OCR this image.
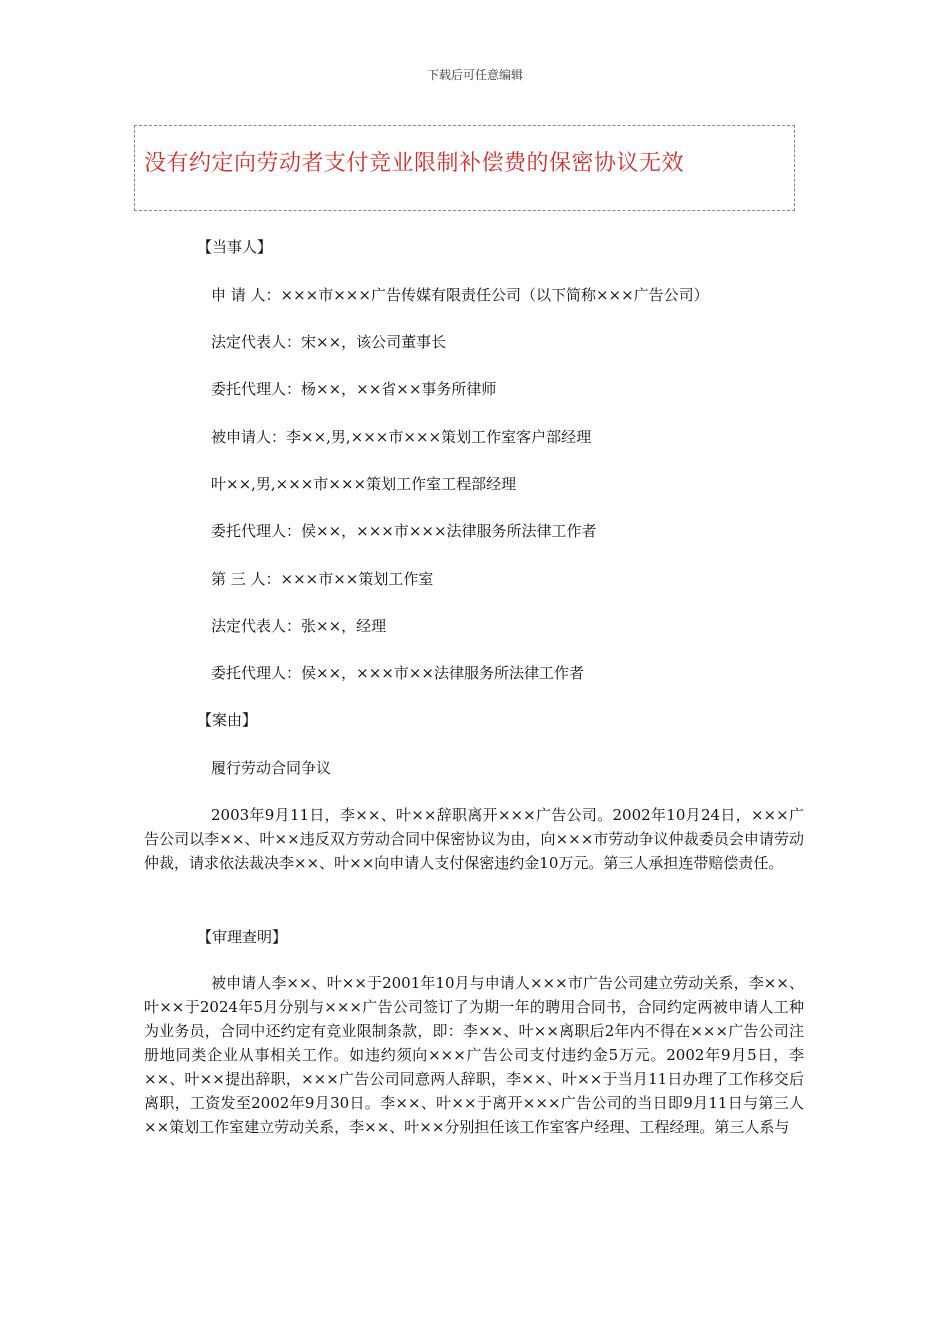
下载后可任意编辑
没有约定向劳动者支付竞业限制补偿费的保密协议无效
【当事人】
申 请 人：×××市×××广告传媒有限责任公司（以下简称×××广告公司）
法定代表人：宋××，该公司董事长
委托代理人：杨××，××省××事务所律师
被申请人：李××,男,×××市×××策划工作室客户部经理
叶××,男,×××市×××策划工作室工程部经理
委托代理人：侯××，×××市×××法律服务所法律工作者
第 三 人：×××市××策划工作室
法定代表人：张××，经理
委托代理人：侯××，×××市××法律服务所法律工作者
【案由】
履行劳动合同争议
2003年9月11日，李××、叶××辞职离开×××广告公司。2002年10月24日，×××广告公司以李××、叶××违反双方劳动合同中保密协议为由，向×××市劳动争议仲裁委员会申请劳动仲裁，请求依法裁决李××、叶××向申请人支付保密违约金10万元。第三人承担连带赔偿责任。
【审理查明】
被申请人李××、叶××于2001年10月与申请人×××市广告公司建立劳动关系，李××、叶××于2024年5月分别与×××广告公司签订了为期一年的聘用合同书，合同约定两被申请人工种为业务员，合同中还约定有竞业限制条款，即：李××、叶××离职后2年内不得在×××广告公司注册地同类企业从事相关工作。如违约须向×××广告公司支付违约金5万元。2002年9月5日，李××、叶××提出辞职，×××广告公司同意两人辞职，李××、叶××于当月11日办理了工作移交后离职，工资发至2002年9月30日。李××、叶××于离开×××广告公司的当日即9月11日与第三人××策划工作室建立劳动关系，李××、叶××分别担任该工作室客户经理、工程经理。第三人系与
